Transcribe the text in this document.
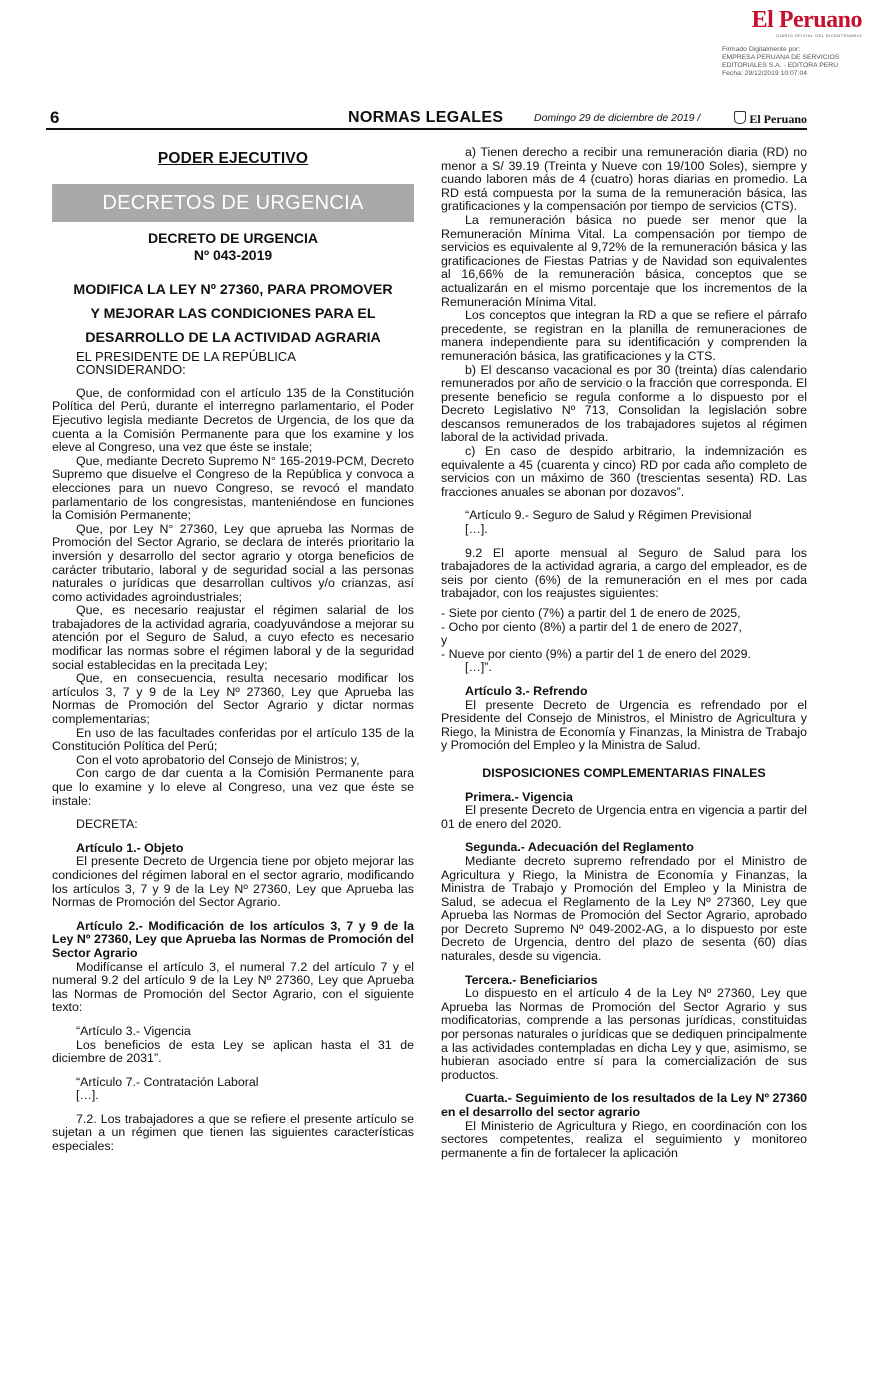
El Peruano
DIARIO OFICIAL DEL BICENTENARIO
Firmado Digitalmente por:
EMPRESA PERUANA DE SERVICIOS
EDITORIALES S.A. - EDITORA PERU
Fecha: 29/12/2019 10:07:04
6	NORMAS LEGALES	Domingo 29 de diciembre de 2019 /	El Peruano
PODER EJECUTIVO
DECRETOS DE URGENCIA
DECRETO DE URGENCIA
Nº 043-2019
MODIFICA LA LEY Nº 27360, PARA PROMOVER
Y MEJORAR LAS CONDICIONES PARA EL
DESARROLLO DE LA ACTIVIDAD AGRARIA

EL PRESIDENTE DE LA REPÚBLICA

CONSIDERANDO:

Que, de conformidad con el artículo 135 de la Constitución Política del Perú, durante el interregno parlamentario, el Poder Ejecutivo legisla mediante Decretos de Urgencia, de los que da cuenta a la Comisión Permanente para que los examine y los eleve al Congreso, una vez que éste se instale;

Que, mediante Decreto Supremo N° 165-2019-PCM, Decreto Supremo que disuelve el Congreso de la República y convoca a elecciones para un nuevo Congreso, se revocó el mandato parlamentario de los congresistas, manteniéndose en funciones la Comisión Permanente;

Que, por Ley N° 27360, Ley que aprueba las Normas de Promoción del Sector Agrario, se declara de interés prioritario la inversión y desarrollo del sector agrario y otorga beneficios de carácter tributario, laboral y de seguridad social a las personas naturales o jurídicas que desarrollan cultivos y/o crianzas, así como actividades agroindustriales;

Que, es necesario reajustar el régimen salarial de los trabajadores de la actividad agraria, coadyuvándose a mejorar su atención por el Seguro de Salud, a cuyo efecto es necesario modificar las normas sobre el régimen laboral y de la seguridad social establecidas en la precitada Ley;

Que, en consecuencia, resulta necesario modificar los artículos 3, 7 y 9 de la Ley Nº 27360, Ley que Aprueba las Normas de Promoción del Sector Agrario y dictar normas complementarias;

En uso de las facultades conferidas por el artículo 135 de la Constitución Política del Perú;

Con el voto aprobatorio del Consejo de Ministros; y,

Con cargo de dar cuenta a la Comisión Permanente para que lo examine y lo eleve al Congreso, una vez que éste se instale:

DECRETA:

Artículo 1.- Objeto

El presente Decreto de Urgencia tiene por objeto mejorar las condiciones del régimen laboral en el sector agrario, modificando los artículos 3, 7 y 9 de la Ley Nº 27360, Ley que Aprueba las Normas de Promoción del Sector Agrario.

Artículo 2.- Modificación de los artículos 3, 7 y 9 de la Ley Nº 27360, Ley que Aprueba las Normas de Promoción del Sector Agrario

Modifícanse el artículo 3, el numeral 7.2 del artículo 7 y el numeral 9.2 del artículo 9 de la Ley Nº 27360, Ley que Aprueba las Normas de Promoción del Sector Agrario, con el siguiente texto:

“Artículo 3.- Vigencia

Los beneficios de esta Ley se aplican hasta el 31 de diciembre de 2031”.

“Artículo 7.- Contratación Laboral

[…].

7.2. Los trabajadores a que se refiere el presente artículo se sujetan a un régimen que tienen las siguientes características especiales:

a) Tienen derecho a recibir una remuneración diaria (RD) no menor a S/ 39.19 (Treinta y Nueve con 19/100 Soles), siempre y cuando laboren más de 4 (cuatro) horas diarias en promedio. La RD está compuesta por la suma de la remuneración básica, las gratificaciones y la compensación por tiempo de servicios (CTS).

La remuneración básica no puede ser menor que la Remuneración Mínima Vital. La compensación por tiempo de servicios es equivalente al 9,72% de la remuneración básica y las gratificaciones de Fiestas Patrias y de Navidad son equivalentes al 16,66% de la remuneración básica, conceptos que se actualizarán en el mismo porcentaje que los incrementos de la Remuneración Mínima Vital.

Los conceptos que integran la RD a que se refiere el párrafo precedente, se registran en la planilla de remuneraciones de manera independiente para su identificación y comprenden la remuneración básica, las gratificaciones y la CTS.

b) El descanso vacacional es por 30 (treinta) días calendario remunerados por año de servicio o la fracción que corresponda. El presente beneficio se regula conforme a lo dispuesto por el Decreto Legislativo Nº 713, Consolidan la legislación sobre descansos remunerados de los trabajadores sujetos al régimen laboral de la actividad privada.

c) En caso de despido arbitrario, la indemnización es equivalente a 45 (cuarenta y cinco) RD por cada año completo de servicios con un máximo de 360 (trescientas sesenta) RD. Las fracciones anuales se abonan por dozavos”.

“Artículo 9.- Seguro de Salud y Régimen Previsional

[…].

9.2 El aporte mensual al Seguro de Salud para los trabajadores de la actividad agraria, a cargo del empleador, es de seis por ciento (6%) de la remuneración en el mes por cada trabajador, con los reajustes siguientes:

- Siete por ciento (7%) a partir del 1 de enero de 2025,

- Ocho por ciento (8%) a partir del 1 de enero de 2027,

y

- Nueve por ciento (9%) a partir del 1 de enero del 2029.

[…]”.

Artículo 3.- Refrendo

El presente Decreto de Urgencia es refrendado por el Presidente del Consejo de Ministros, el Ministro de Agricultura y Riego, la Ministra de Economía y Finanzas, la Ministra de Trabajo y Promoción del Empleo y la Ministra de Salud.

DISPOSICIONES COMPLEMENTARIAS FINALES

Primera.- Vigencia

El presente Decreto de Urgencia entra en vigencia a partir del 01 de enero del 2020.

Segunda.- Adecuación del Reglamento

Mediante decreto supremo refrendado por el Ministro de Agricultura y Riego, la Ministra de Economía y Finanzas, la Ministra de Trabajo y Promoción del Empleo y la Ministra de Salud, se adecua el Reglamento de la Ley Nº 27360, Ley que Aprueba las Normas de Promoción del Sector Agrario, aprobado por Decreto Supremo Nº 049-2002-AG, a lo dispuesto por este Decreto de Urgencia, dentro del plazo de sesenta (60) días naturales, desde su vigencia.

Tercera.- Beneficiarios

Lo dispuesto en el artículo 4 de la Ley Nº 27360, Ley que Aprueba las Normas de Promoción del Sector Agrario y sus modificatorias, comprende a las personas jurídicas, constituidas por personas naturales o jurídicas que se dediquen principalmente a las actividades contempladas en dicha Ley y que, asimismo, se hubieran asociado entre sí para la comercialización de sus productos.

Cuarta.- Seguimiento de los resultados de la Ley Nº 27360 en el desarrollo del sector agrario

El Ministerio de Agricultura y Riego, en coordinación con los sectores competentes, realiza el seguimiento y monitoreo permanente a fin de fortalecer la aplicación
